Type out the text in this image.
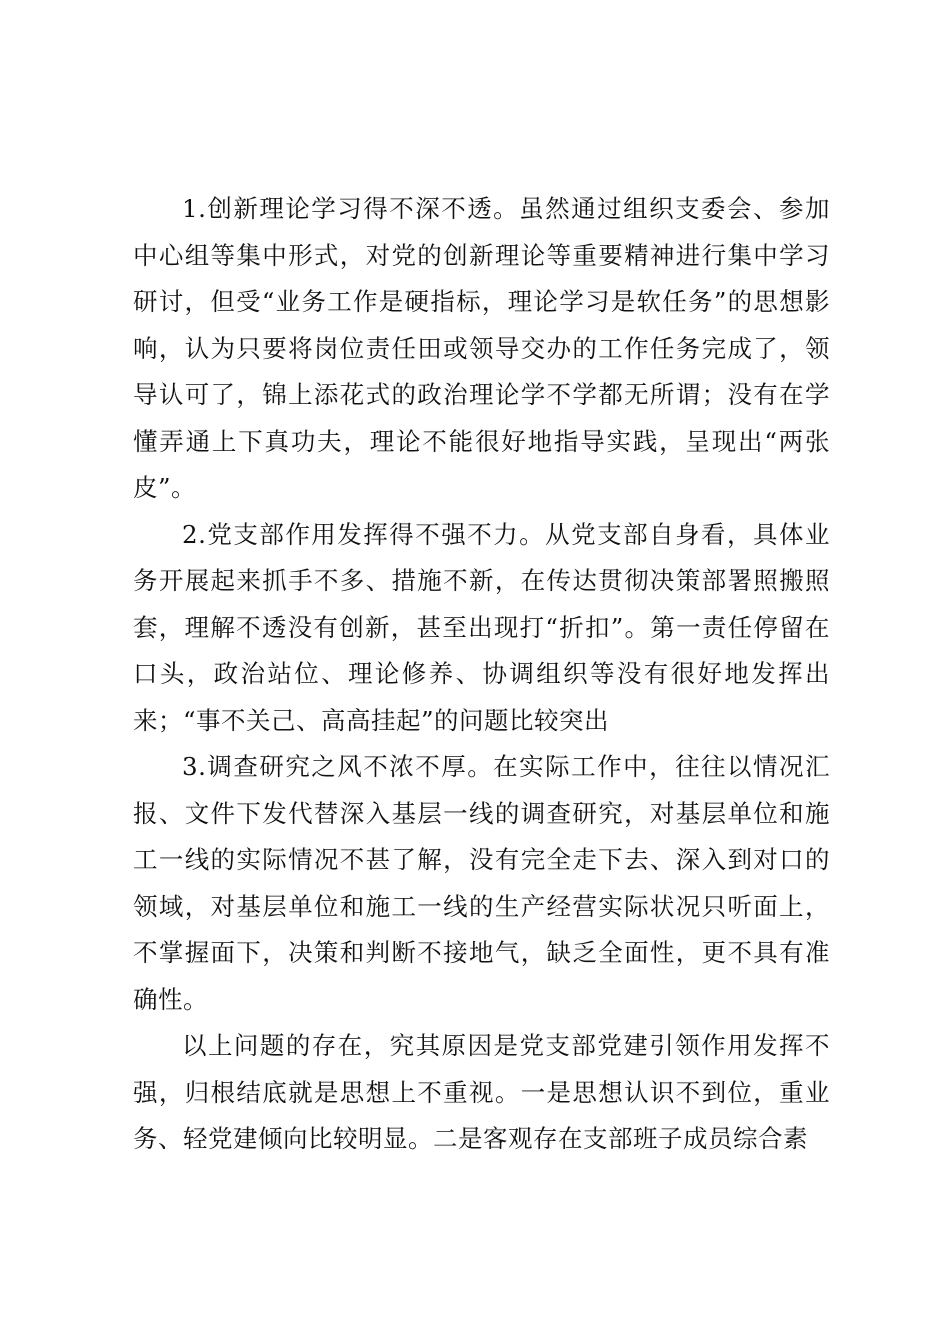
1.创新理论学习得不深不透。虽然通过组织支委会、参加中心组等集中形式，对党的创新理论等重要精神进行集中学习研讨，但受“业务工作是硬指标，理论学习是软任务”的思想影响，认为只要将岗位责任田或领导交办的工作任务完成了，领导认可了，锦上添花式的政治理论学不学都无所谓；没有在学懂弄通上下真功夫，理论不能很好地指导实践，呈现出“两张皮”。

2.党支部作用发挥得不强不力。从党支部自身看，具体业务开展起来抓手不多、措施不新，在传达贯彻决策部署照搬照套，理解不透没有创新，甚至出现打“折扣”。第一责任停留在口头，政治站位、理论修养、协调组织等没有很好地发挥出来；“事不关己、高高挂起”的问题比较突出

3.调查研究之风不浓不厚。在实际工作中，往往以情况汇报、文件下发代替深入基层一线的调查研究，对基层单位和施工一线的实际情况不甚了解，没有完全走下去、深入到对口的领域，对基层单位和施工一线的生产经营实际状况只听面上，不掌握面下，决策和判断不接地气，缺乏全面性，更不具有准确性。

以上问题的存在，究其原因是党支部党建引领作用发挥不强，归根结底就是思想上不重视。一是思想认识不到位，重业务、轻党建倾向比较明显。二是客观存在支部班子成员综合素
